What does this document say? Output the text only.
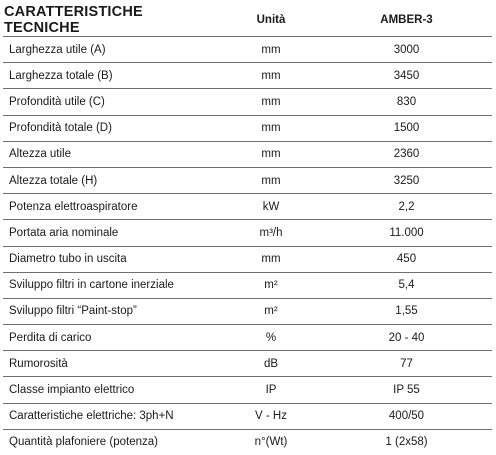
CARATTERISTICHE TECNICHE	Unità	AMBER-3
Larghezza utile (A)	mm	3000
Larghezza totale (B)	mm	3450
Profondità utile (C)	mm	830
Profondità totale (D)	mm	1500
Altezza utile	mm	2360
Altezza totale (H)	mm	3250
Potenza elettroaspiratore	kW	2,2
Portata aria nominale	m³/h	11.000
Diametro tubo in uscita	mm	450
Sviluppo filtri in cartone inerziale	m²	5,4
Sviluppo filtri “Paint-stop”	m²	1,55
Perdita di carico	%	20 - 40
Rumorosità	dB	77
Classe impianto elettrico	IP	IP 55
Caratteristiche elettriche: 3ph+N	V - Hz	400/50
Quantità plafoniere (potenza)	n°(Wt)	1 (2x58)
